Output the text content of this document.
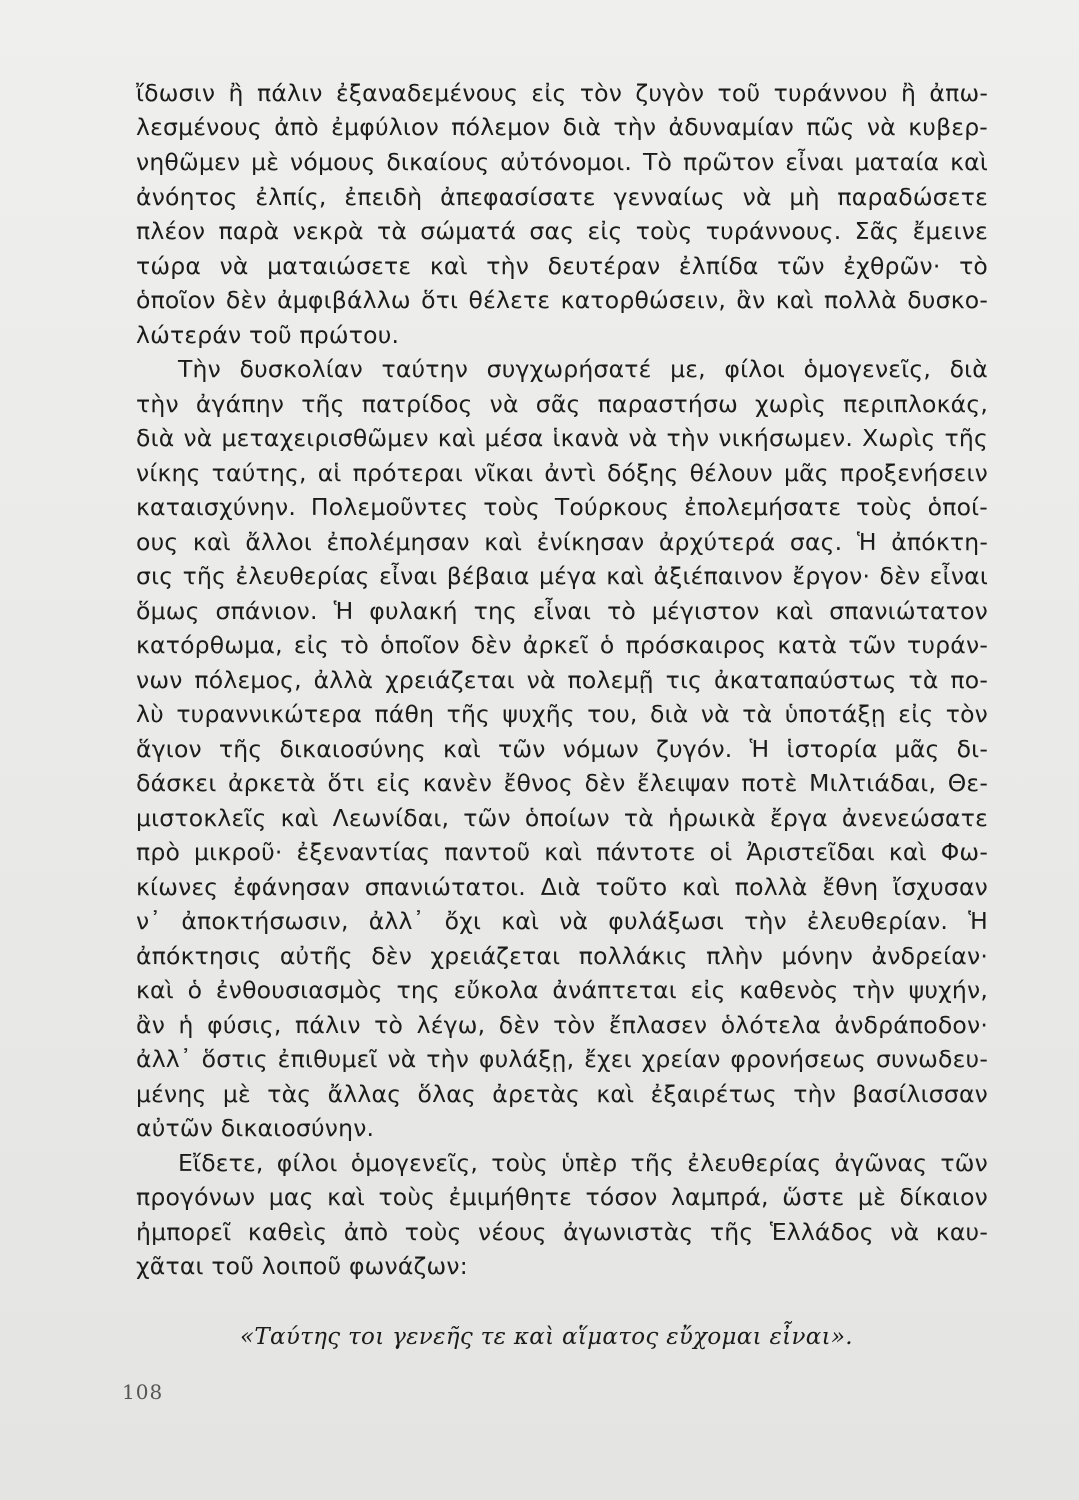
ἴδωσιν ἢ πάλιν ἐξαναδεμένους εἰς τὸν ζυγὸν τοῦ τυράννου ἢ ἀπω-
λεσμένους ἀπὸ ἐμφύλιον πόλεμον διὰ τὴν ἀδυναμίαν πῶς νὰ κυβερ-
νηθῶμεν μὲ νόμους δικαίους αὐτόνομοι. Τὸ πρῶτον εἶναι ματαία καὶ
ἀνόητος ἐλπίς, ἐπειδὴ ἀπεφασίσατε γενναίως νὰ μὴ παραδώσετε
πλέον παρὰ νεκρὰ τὰ σώματά σας εἰς τοὺς τυράννους. Σᾶς ἔμεινε
τώρα νὰ ματαιώσετε καὶ τὴν δευτέραν ἐλπίδα τῶν ἐχθρῶν· τὸ
ὁποῖον δὲν ἀμφιβάλλω ὅτι θέλετε κατορθώσειν, ἂν καὶ πολλὰ δυσκο-
λώτεράν τοῦ πρώτου.
Τὴν δυσκολίαν ταύτην συγχωρήσατέ με, φίλοι ὁμογενεῖς, διὰ
τὴν ἀγάπην τῆς πατρίδος νὰ σᾶς παραστήσω χωρὶς περιπλοκάς,
διὰ νὰ μεταχειρισθῶμεν καὶ μέσα ἱκανὰ νὰ τὴν νικήσωμεν. Χωρὶς τῆς
νίκης ταύτης, αἱ πρότεραι νῖκαι ἀντὶ δόξης θέλουν μᾶς προξενήσειν
καταισχύνην. Πολεμοῦντες τοὺς Τούρκους ἐπολεμήσατε τοὺς ὁποί-
ους καὶ ἄλλοι ἐπολέμησαν καὶ ἐνίκησαν ἀρχύτερά σας. Ἡ ἀπόκτη-
σις τῆς ἐλευθερίας εἶναι βέβαια μέγα καὶ ἀξιέπαινον ἔργον· δὲν εἶναι
ὅμως σπάνιον. Ἡ φυλακή της εἶναι τὸ μέγιστον καὶ σπανιώτατον
κατόρθωμα, εἰς τὸ ὁποῖον δὲν ἀρκεῖ ὁ πρόσκαιρος κατὰ τῶν τυράν-
νων πόλεμος, ἀλλὰ χρειάζεται νὰ πολεμῇ τις ἀκαταπαύστως τὰ πο-
λὺ τυραννικώτερα πάθη τῆς ψυχῆς του, διὰ νὰ τὰ ὑποτάξῃ εἰς τὸν
ἅγιον τῆς δικαιοσύνης καὶ τῶν νόμων ζυγόν. Ἡ ἱστορία μᾶς δι-
δάσκει ἀρκετὰ ὅτι εἰς κανὲν ἔθνος δὲν ἔλειψαν ποτὲ Μιλτιάδαι, Θε-
μιστοκλεῖς καὶ Λεωνίδαι, τῶν ὁποίων τὰ ἡρωικὰ ἔργα ἀνενεώσατε
πρὸ μικροῦ· ἐξεναντίας παντοῦ καὶ πάντοτε οἱ Ἀριστεῖδαι καὶ Φω-
κίωνες ἐφάνησαν σπανιώτατοι. Διὰ τοῦτο καὶ πολλὰ ἔθνη ἴσχυσαν
ν᾽ ἀποκτήσωσιν, ἀλλ᾽ ὄχι καὶ νὰ φυλάξωσι τὴν ἐλευθερίαν. Ἡ
ἀπόκτησις αὐτῆς δὲν χρειάζεται πολλάκις πλὴν μόνην ἀνδρείαν·
καὶ ὁ ἐνθουσιασμὸς της εὔκολα ἀνάπτεται εἰς καθενὸς τὴν ψυχήν,
ἂν ἡ φύσις, πάλιν τὸ λέγω, δὲν τὸν ἔπλασεν ὁλότελα ἀνδράποδον·
ἀλλ᾽ ὅστις ἐπιθυμεῖ νὰ τὴν φυλάξῃ, ἔχει χρείαν φρονήσεως συνωδευ-
μένης μὲ τὰς ἄλλας ὅλας ἀρετὰς καὶ ἐξαιρέτως τὴν βασίλισσαν
αὐτῶν δικαιοσύνην.
Εἴδετε, φίλοι ὁμογενεῖς, τοὺς ὑπὲρ τῆς ἐλευθερίας ἀγῶνας τῶν
προγόνων μας καὶ τοὺς ἐμιμήθητε τόσον λαμπρά, ὥστε μὲ δίκαιον
ἠμπορεῖ καθεὶς ἀπὸ τοὺς νέους ἀγωνιστὰς τῆς Ἑλλάδος νὰ καυ-
χᾶται τοῦ λοιποῦ φωνάζων:
«Ταύτης τοι γενεῆς τε καὶ αἵματος εὔχομαι εἶναι».
108
